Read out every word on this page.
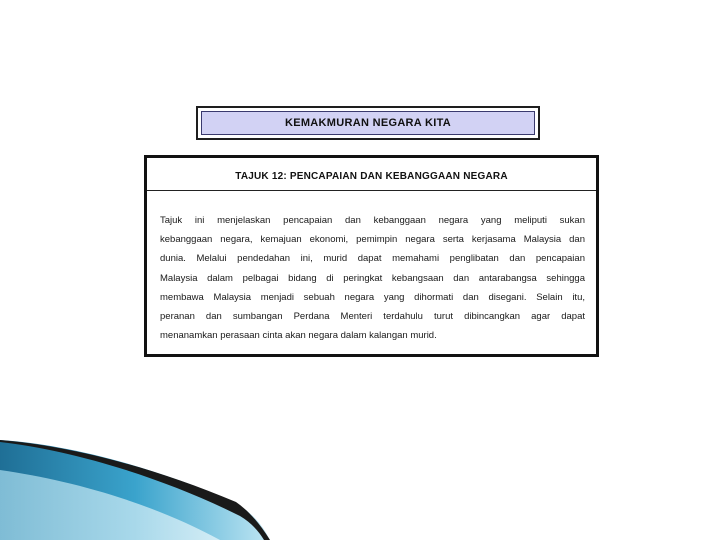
KEMAKMURAN NEGARA KITA
TAJUK 12: PENCAPAIAN DAN KEBANGGAAN NEGARA
Tajuk ini menjelaskan pencapaian dan kebanggaan negara yang meliputi sukan
kebanggaan negara, kemajuan ekonomi, pemimpin negara serta kerjasama Malaysia dan
dunia. Melalui pendedahan ini, murid dapat memahami penglibatan dan pencapaian
Malaysia dalam pelbagai bidang di peringkat kebangsaan dan antarabangsa sehingga
membawa Malaysia menjadi sebuah negara yang dihormati dan disegani. Selain itu,
peranan dan sumbangan Perdana Menteri terdahulu turut dibincangkan agar dapat
menanamkan perasaan cinta akan negara dalam kalangan murid.
